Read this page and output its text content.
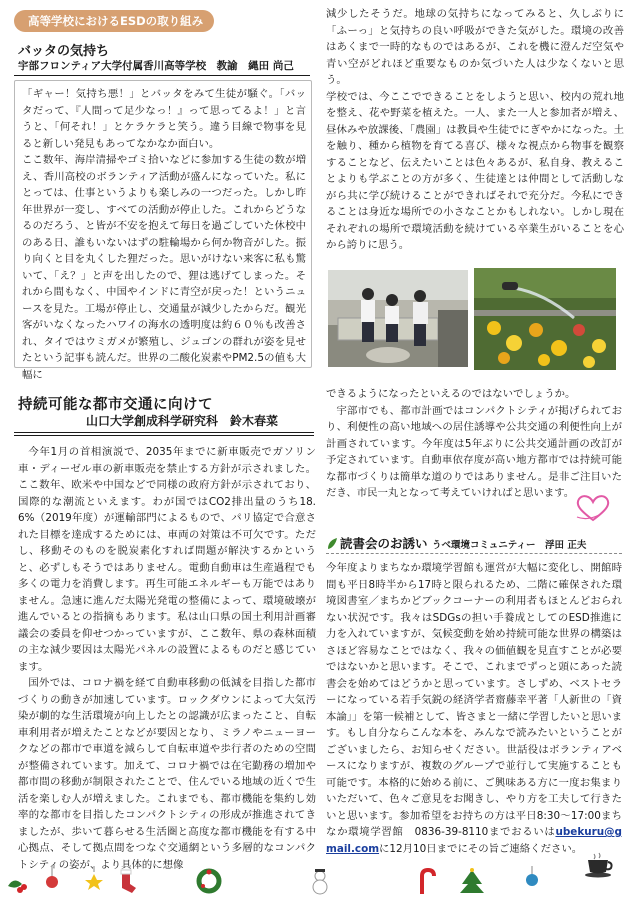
高等学校におけるESDの取り組み
バッタの気持ち
宇部フロンティア大学付属香川高等学校　教諭　縄田 尚己

「ギャー！気持ち悪！」とバッタをみて生徒が騒ぐ。「バッタだって、『人間って足少なっ！』って思ってるよ！」と言うと、「何それ！」とケラケラと笑う。違う目線で物事を見ると新しい発見もあってなかなか面白い。

ここ数年、海岸清掃やゴミ拾いなどに参加する生徒の数が増え、香川高校のボランティア活動が盛んになっていた。私にとっては、仕事というよりも楽しみの一つだった。しかし昨年世界が一変し、すべての活動が停止した。これからどうなるのだろう、と皆が不安を抱えて毎日を過ごしていた休校中のある日、誰もいないはずの駐輪場から何か物音がした。振り向くと目を丸くした狸だった。思いがけない来客に私も驚いて、「え？」と声を出したので、狸は逃げてしまった。それから間もなく、中国やインドに青空が戻った！というニュースを見た。工場が停止し、交通量が減少したからだ。観光客がいなくなったハワイの海水の透明度は約６０％も改善され、タイではウミガメが繁殖し、ジュゴンの群れが姿を見せたという記事も読んだ。世界の二酸化炭素やPM2.5の値も大幅に

減少したそうだ。地球の気持ちになってみると、久しぶりに「ふーっ」と気持ちの良い呼吸ができた気がした。環境の改善はあくまで一時的なものではあるが、これを機に澄んだ空気や青い空がどれほど重要なものか気づいた人は少なくないと思う。

学校では、今ここでできることをしようと思い、校内の荒れ地を整え、花や野菜を植えた。一人、また一人と参加者が増え、昼休みや放課後、「農園」は教員や生徒でにぎやかになった。土を触り、種から植物を育てる喜び、様々な視点から物事を観察することなど、伝えたいことは色々あるが、私自身、教えることよりも学ぶことの方が多く、生徒達とは仲間として活動しながら共に学び続けることができればそれで充分だ。今私にできることは身近な場所での小さなことかもしれない。しかし現在それぞれの場所で環境活動を続けている卒業生がいることを心から誇りに思う。

持続可能な都市交通に向けて
山口大学創成科学研究科　鈴木春菜

今年1月の首相演説で、2035年までに新車販売でガソリン車・ディーゼル車の新車販売を禁止する方針が示されました。ここ数年、欧米や中国などで同様の政府方針が示されており、国際的な潮流といえます。わが国ではCO2排出量のうち18.6%（2019年度）が運輸部門によるもので、パリ協定で合意された目標を達成するためには、車両の対策は不可欠です。ただし、移動そのものを脱炭素化すれば問題が解決するかというと、必ずしもそうではありません。電動自動車は生産過程でも多くの電力を消費します。再生可能エネルギーも万能ではありません。急速に進んだ太陽光発電の整備によって、環境破壊が進んでいるとの指摘もあります。私は山口県の国土利用計画審議会の委員を仰せつかっていますが、ここ数年、県の森林面積の主な減少要因は太陽光パネルの設置によるものだと感じています。

国外では、コロナ禍を経て自動車移動の低減を目指した都市づくりの動きが加速しています。ロックダウンによって大気汚染が劇的な生活環境が向上したとの認識が広まったこと、自転車利用者が増えたことなどが要因となり、ミラノやニューヨークなどの都市で車道を減らして自転車道や歩行者のための空間が整備されています。加えて、コロナ禍では在宅勤務の増加や都市間の移動が制限されたことで、住んでいる地域の近くで生活を楽しむ人が増えました。これまでも、都市機能を集約し効率的な都市を目指したコンパクトシティの形成が推進されてきましたが、歩いて暮らせる生活圏と高度な都市機能を有する中心拠点、そして拠点間をつなぐ交通網という多層的なコンパクトシティの姿が、より具体的に想像

できるようになったといえるのではないでしょうか。

宇部市でも、都市計画ではコンパクトシティが掲げられており、利便性の高い地域への居住誘導や公共交通の利便性向上が計画されています。今年度は5年ぶりに公共交通計画の改訂が予定されています。自動車依存度が高い地方都市では持続可能な都市づくりは簡単な道のりではありません。是非ご注目いただき、市民一丸となって考えていければと思います。

読書会のお誘い うべ環境コミュニティー　浮田 正夫

今年度よりまちなか環境学習館も運営が大幅に変化し、開館時間も平日8時半から17時と限られるため、二階に確保された環境図書室／まちかどブックコーナーの利用者もほとんどおられない状況です。我々はSDGsの担い手養成としてのESD推進に力を入れていますが、気候変動を始め持続可能な世界の構築はさほど容易なことではなく、我々の価値観を見直すことが必要ではないかと思います。そこで、これまでずっと頭にあった読書会を始めてはどうかと思っています。さしずめ、ベストセラーになっている若手気鋭の経済学者齋藤幸平著「人新世の「資本論」」を第一候補として、皆さまと一緒に学習したいと思います。もし自分ならこんな本を、みんなで読みたいということがございましたら、お知らせください。世話役はボランティアベースになりますが、複数のグループで並行して実施することも可能です。本格的に始める前に、ご興味ある方に一度お集まりいただいて、色々ご意見をお聞きし、やり方を工夫して行きたいと思います。参加希望をお持ちの方は平日8:30～17:00まちなか環境学習館　0836-39-8110までおるいはubekuru@gmail.comに12月10日までにその旨ご連絡ください。
